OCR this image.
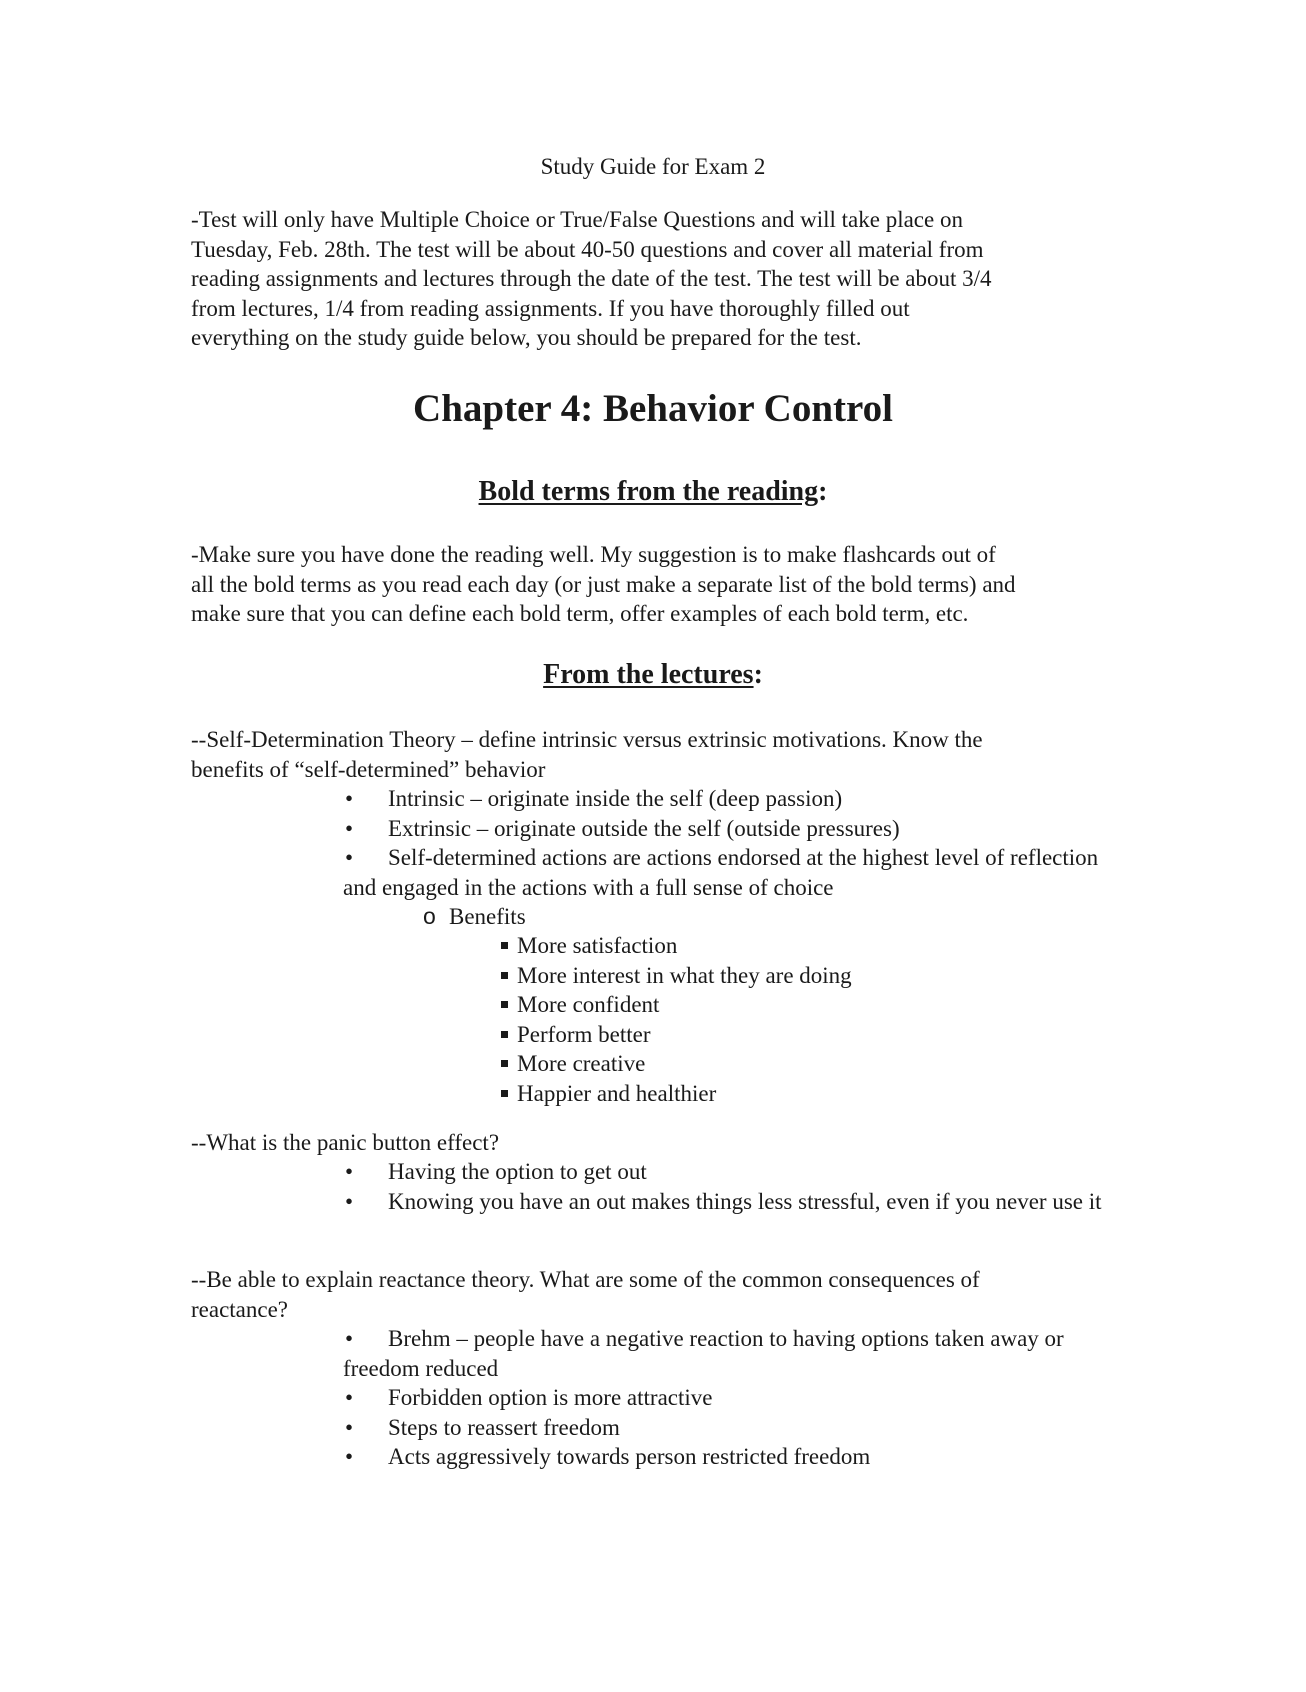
Study Guide for Exam 2
-Test will only have Multiple Choice or True/False Questions and will take place on
Tuesday, Feb. 28th. The test will be about 40-50 questions and cover all material from
reading assignments and lectures through the date of the test. The test will be about 3/4
from lectures, 1/4 from reading assignments. If you have thoroughly filled out
everything on the study guide below, you should be prepared for the test.
Chapter 4: Behavior Control
Bold terms from the reading:
-Make sure you have done the reading well. My suggestion is to make flashcards out of
all the bold terms as you read each day (or just make a separate list of the bold terms) and
make sure that you can define each bold term, offer examples of each bold term, etc.
From the lectures:
--Self-Determination Theory – define intrinsic versus extrinsic motivations. Know the
benefits of “self-determined” behavior
• Intrinsic – originate inside the self (deep passion)
• Extrinsic – originate outside the self (outside pressures)
• Self-determined actions are actions endorsed at the highest level of reflection and engaged in the actions with a full sense of choice
o Benefits
More satisfaction
More interest in what they are doing
More confident
Perform better
More creative
Happier and healthier
--What is the panic button effect?
• Having the option to get out
• Knowing you have an out makes things less stressful, even if you never use it
--Be able to explain reactance theory. What are some of the common consequences of
reactance?
• Brehm – people have a negative reaction to having options taken away or freedom reduced
• Forbidden option is more attractive
• Steps to reassert freedom
• Acts aggressively towards person restricted freedom
